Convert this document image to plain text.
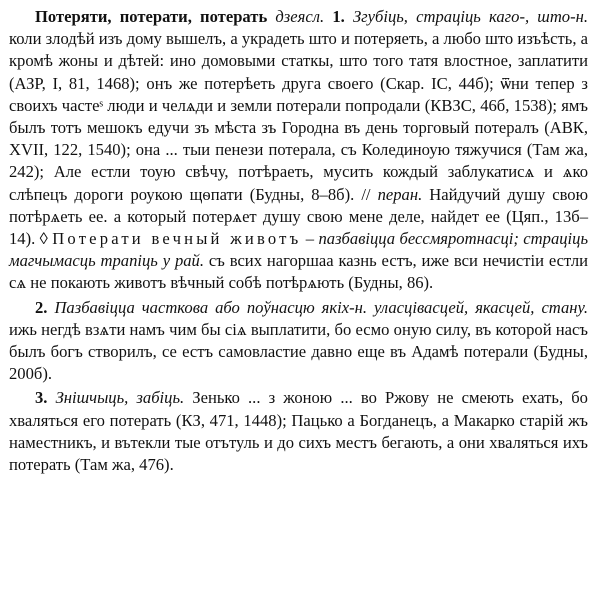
Потеряти, потерати, потерать дзеясл. 1. Згубіць, страціць каго-, што-н. коли злодѣй изъ дому вышелъ, а украдеть што и потеряеть, а любо што изъѣсть, а кромѣ жоны и дѣтей: ино домовыми статкы, што того татя влостное, заплатити (АЗР, I, 81, 1468); онъ же потерѣеть друга своего (Скар. ІС, 44б); ѿни тепер з своихъ частеˢ люди и челѧди и земли потерали попродали (КВЗС, 46б, 1538); ямъ былъ тотъ мешокъ едучи зъ мѣста зъ Городна въ день торговый потералъ (АВК, XVII, 122, 1540); она ... тыи пенези потерала, съ Колединоую тяжучися (Там жа, 242); Але естли тоую свѣчу, потѣраеть, мусить кождый заблукатисѧ и ѧко слѣпецъ дороги роукою щѳпати (Будны, 8–8б). // перан. Найдучий душу свою потѣрѧеть ее. а который потерѧет душу свою мене деле, найдет ее (Цяп., 13б–14). ◊ Потерати вечный животъ – пазбавіцца бессмяротнасці; страціць магчымасць трапіць у рай. съ всих нагоршаа казнь естъ, иже вси нечистіи естли сѧ не покають животъ вѣчный собѣ потѣрѧють (Будны, 86).

2. Пазбавіцца часткова або поўнасцю якіх-н. уласцівасцей, якасцей, стану. ижь негдѣ взѧти намъ чим бы сіѧ выплатити, бо есмо оную силу, въ которой насъ былъ богъ створилъ, се естъ самовластие давно еще въ Адамѣ потерали (Будны, 200б).

3. Знішчыць, забіць. Зенько ... з жоною ... во Ржову не смеють ехать, бо хваляться его потерать (КЗ, 471, 1448); Пацько а Богданецъ, а Макарко старій жъ наместникъ, и вътекли тые отътуль и до сихъ местъ бегають, а они хваляться ихъ потерать (Там жа, 476).
